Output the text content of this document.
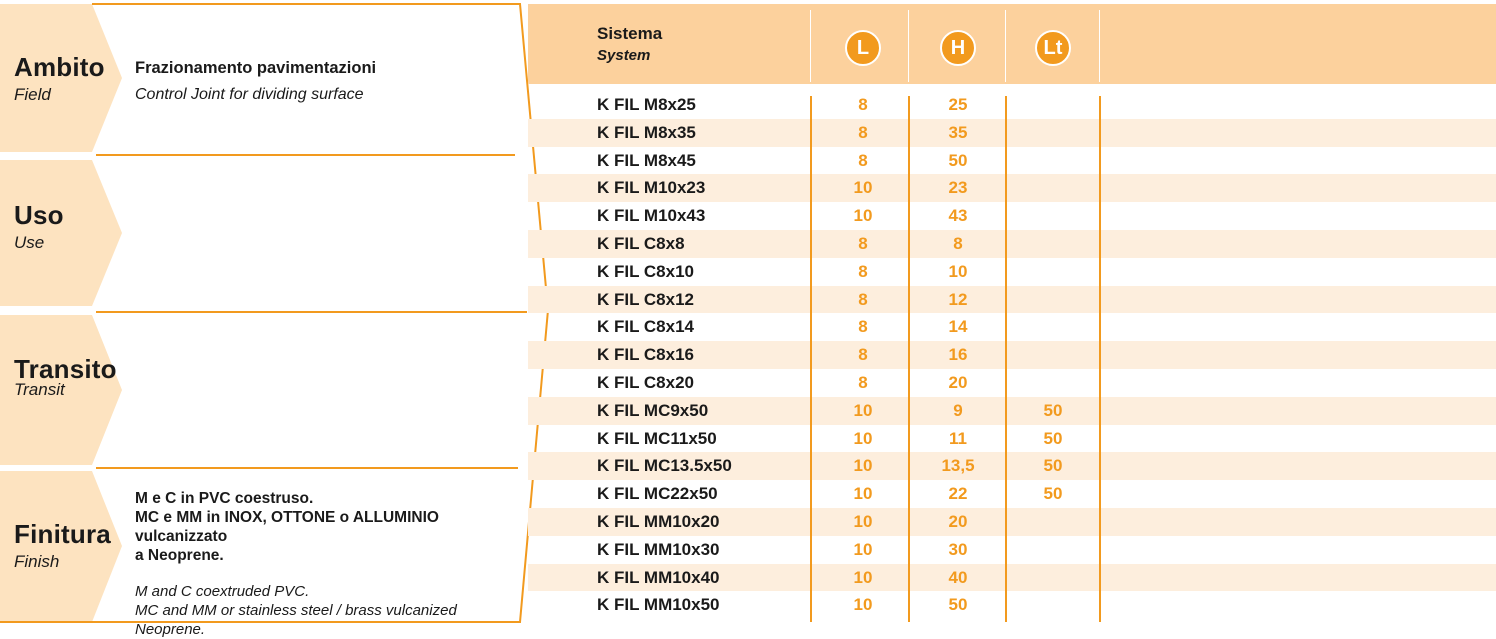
Ambito
Field
Frazionamento pavimentazioni
Control Joint for dividing surface
Uso
Use
Transito
Transit
Finitura
Finish
M e C in PVC coestruso.
MC e MM in INOX, OTTONE o ALLUMINIO vulcanizzato
a Neoprene.
M and C coextruded PVC.
MC and MM or stainless steel / brass vulcanized Neoprene.
Sistema
System	L	H	Lt
K FIL M8x25	8	25
K FIL M8x35	8	35
K FIL M8x45	8	50
K FIL M10x23	10	23
K FIL M10x43	10	43
K FIL C8x8	8	8
K FIL C8x10	8	10
K FIL C8x12	8	12
K FIL C8x14	8	14
K FIL C8x16	8	16
K FIL C8x20	8	20
K FIL MC9x50	10	9	50
K FIL MC11x50	10	11	50
K FIL MC13.5x50	10	13,5	50
K FIL MC22x50	10	22	50
K FIL MM10x20	10	20
K FIL MM10x30	10	30
K FIL MM10x40	10	40
K FIL MM10x50	10	50
